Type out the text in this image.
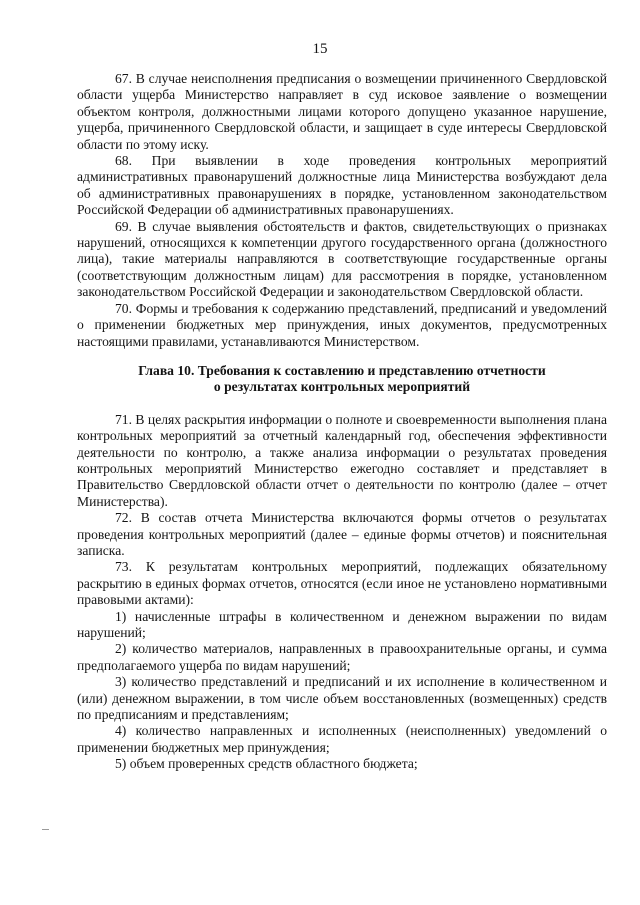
15

67. В случае неисполнения предписания о возмещении причиненного Свердловской области ущерба Министерство направляет в суд исковое заявление о возмещении объектом контроля, должностными лицами которого допущено указанное нарушение, ущерба, причиненного Свердловской области, и защищает в суде интересы Свердловской области по этому иску.

68. При выявлении в ходе проведения контрольных мероприятий административных правонарушений должностные лица Министерства возбуждают дела об административных правонарушениях в порядке, установленном законодательством Российской Федерации об административных правонарушениях.

69. В случае выявления обстоятельств и фактов, свидетельствующих о признаках нарушений, относящихся к компетенции другого государственного органа (должностного лица), такие материалы направляются в соответствующие государственные органы (соответствующим должностным лицам) для рассмотрения в порядке, установленном законодательством Российской Федерации и законодательством Свердловской области.

70. Формы и требования к содержанию представлений, предписаний и уведомлений о применении бюджетных мер принуждения, иных документов, предусмотренных настоящими правилами, устанавливаются Министерством.

Глава 10. Требования к составлению и представлению отчетности
о результатах контрольных мероприятий

71. В целях раскрытия информации о полноте и своевременности выполнения плана контрольных мероприятий за отчетный календарный год, обеспечения эффективности деятельности по контролю, а также анализа информации о результатах проведения контрольных мероприятий Министерство ежегодно составляет и представляет в Правительство Свердловской области отчет о деятельности по контролю (далее – отчет Министерства).

72. В состав отчета Министерства включаются формы отчетов о результатах проведения контрольных мероприятий (далее – единые формы отчетов) и пояснительная записка.

73. К результатам контрольных мероприятий, подлежащих обязательному раскрытию в единых формах отчетов, относятся (если иное не установлено нормативными правовыми актами):

1) начисленные штрафы в количественном и денежном выражении по видам нарушений;

2) количество материалов, направленных в правоохранительные органы, и сумма предполагаемого ущерба по видам нарушений;

3) количество представлений и предписаний и их исполнение в количественном и (или) денежном выражении, в том числе объем восстановленных (возмещенных) средств по предписаниям и представлениям;

4) количество направленных и исполненных (неисполненных) уведомлений о применении бюджетных мер принуждения;

5) объем проверенных средств областного бюджета;
